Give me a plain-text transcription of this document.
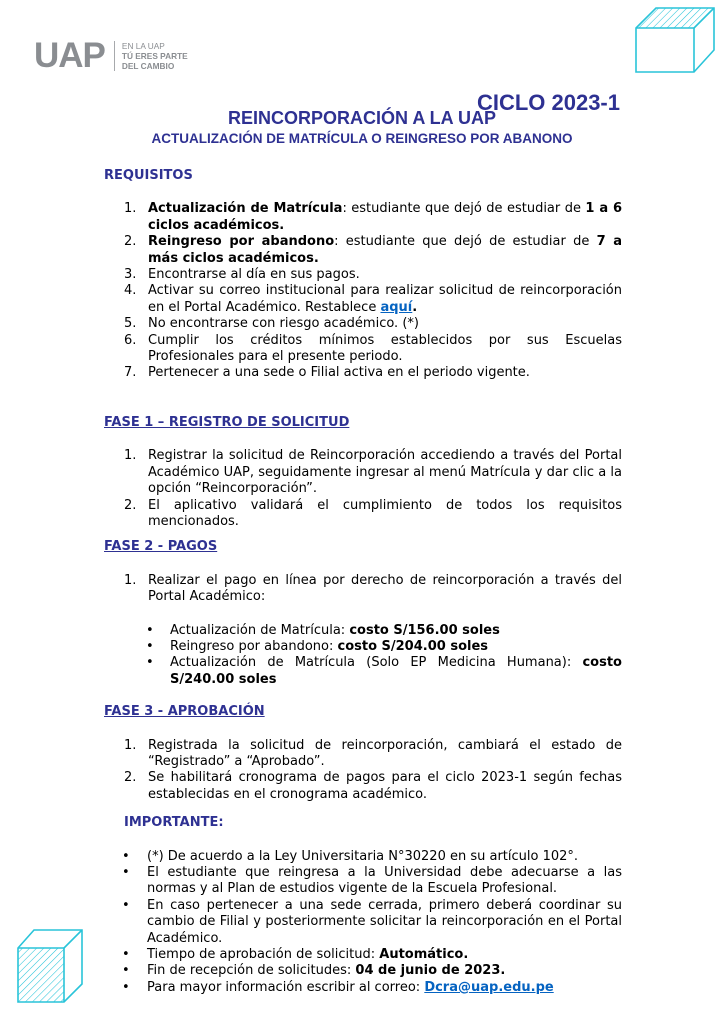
UAP EN LA UAP
TÚ ERES PARTE
DEL CAMBIO
CICLO 2023-1
REINCORPORACIÓN A LA UAP
ACTUALIZACIÓN DE MATRÍCULA O REINGRESO POR ABANONO
REQUISITOS
1. Actualización de Matrícula: estudiante que dejó de estudiar de 1 a 6 ciclos académicos.
2. Reingreso por abandono: estudiante que dejó de estudiar de 7 a más ciclos académicos.
3. Encontrarse al día en sus pagos.
4. Activar su correo institucional para realizar solicitud de reincorporación en el Portal Académico. Restablece aquí.
5. No encontrarse con riesgo académico. (*)
6. Cumplir los créditos mínimos establecidos por sus Escuelas Profesionales para el presente periodo.
7. Pertenecer a una sede o Filial activa en el periodo vigente.
FASE 1 – REGISTRO DE SOLICITUD
1. Registrar la solicitud de Reincorporación accediendo a través del Portal Académico UAP, seguidamente ingresar al menú Matrícula y dar clic a la opción “Reincorporación”.
2. El aplicativo validará el cumplimiento de todos los requisitos mencionados.
FASE 2 - PAGOS
1. Realizar el pago en línea por derecho de reincorporación a través del Portal Académico:
• Actualización de Matrícula: costo S/156.00 soles
• Reingreso por abandono: costo S/204.00 soles
• Actualización de Matrícula (Solo EP Medicina Humana): costo S/240.00 soles
FASE 3 - APROBACIÓN
1. Registrada la solicitud de reincorporación, cambiará el estado de “Registrado” a “Aprobado”.
2. Se habilitará cronograma de pagos para el ciclo 2023-1 según fechas establecidas en el cronograma académico.
IMPORTANTE:
• (*) De acuerdo a la Ley Universitaria N°30220 en su artículo 102°.
• El estudiante que reingresa a la Universidad debe adecuarse a las normas y al Plan de estudios vigente de la Escuela Profesional.
• En caso pertenecer a una sede cerrada, primero deberá coordinar su cambio de Filial y posteriormente solicitar la reincorporación en el Portal Académico.
• Tiempo de aprobación de solicitud: Automático.
• Fin de recepción de solicitudes: 04 de junio de 2023.
• Para mayor información escribir al correo: Dcra@uap.edu.pe
